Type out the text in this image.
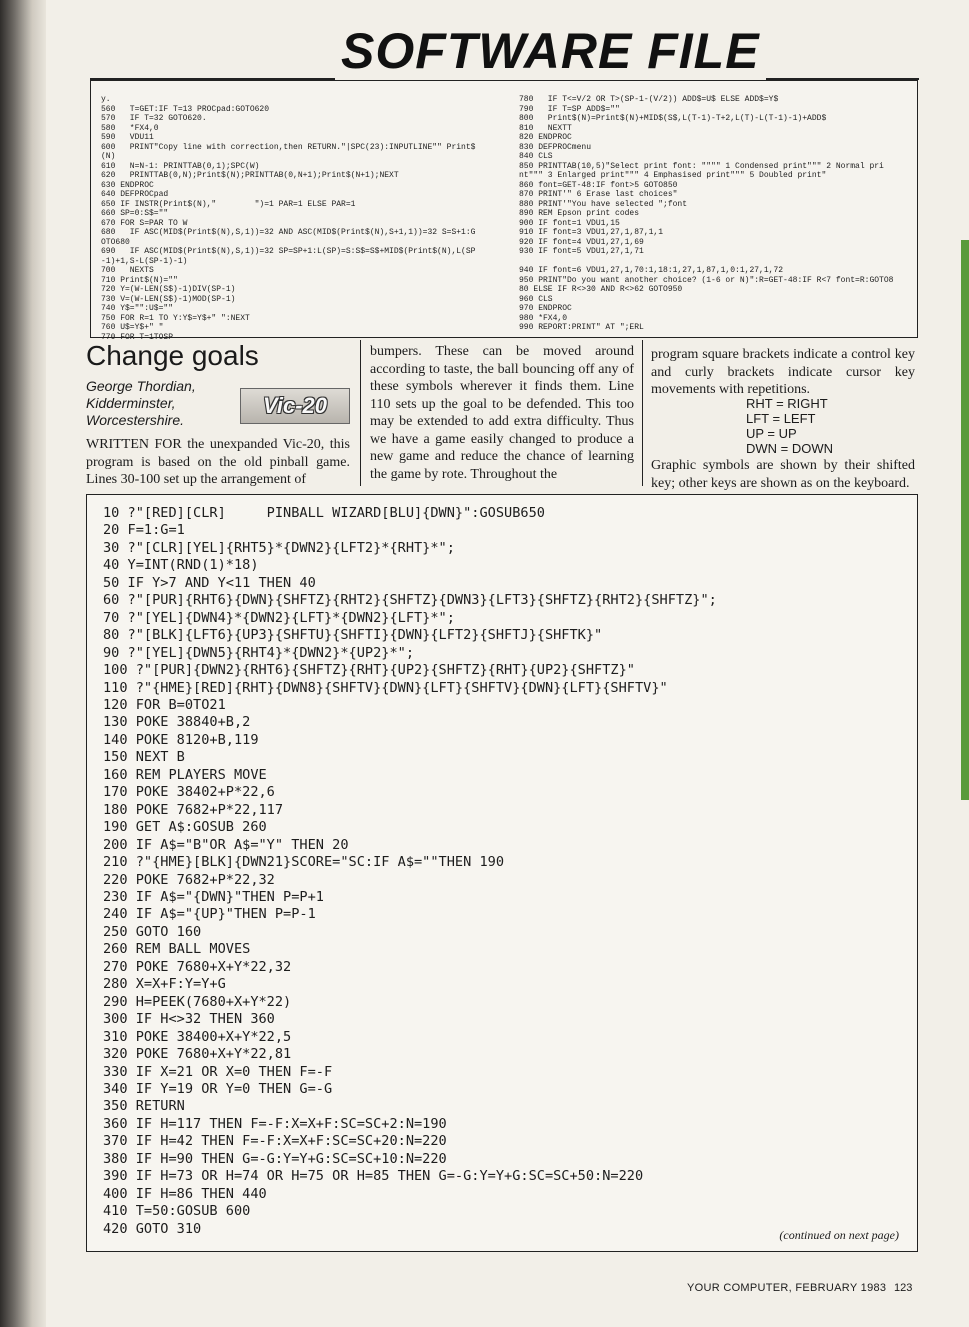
SOFTWARE FILE
y.
560   T=GET:IF T=13 PROCpad:GOTO620
570   IF T=32 GOTO620.
580   *FX4,0
590   VDU11
600   PRINT"Copy line with correction,then RETURN."|SPC(23):INPUTLINE"" Print$
(N)
610   N=N-1: PRINTTAB(0,1);SPC(W)
620   PRINTTAB(0,N);Print$(N);PRINTTAB(0,N+1);Print$(N+1);NEXT
630 ENDPROC
640 DEFPROCpad
650 IF INSTR(Print$(N),"        ")=1 PAR=1 ELSE PAR=1
660 SP=0:S$=""
670 FOR S=PAR TO W
680   IF ASC(MID$(Print$(N),S,1))=32 AND ASC(MID$(Print$(N),S+1,1))=32 S=S+1:G
OTO680
690   IF ASC(MID$(Print$(N),S,1))=32 SP=SP+1:L(SP)=S:S$=S$+MID$(Print$(N),L(SP
-1)+1,S-L(SP-1)-1)
700   NEXTS
710 Print$(N)=""
720 Y=(W-LEN(S$)-1)DIV(SP-1)
730 V=(W-LEN(S$)-1)MOD(SP-1)
740 Y$="":U$=""
750 FOR R=1 TO Y:Y$=Y$+" ":NEXT
760 U$=Y$+" "
770 FOR T=1TOSP
780   IF T<=V/2 OR T>(SP-1-(V/2)) ADD$=U$ ELSE ADD$=Y$
790   IF T=SP ADD$=""
800   Print$(N)=Print$(N)+MID$(S$,L(T-1)-T+2,L(T)-L(T-1)-1)+ADD$
810   NEXTT
820 ENDPROC
830 DEFPROCmenu
840 CLS
850 PRINTTAB(10,5)"Select print font: """" 1 Condensed print""" 2 Normal pri
nt""" 3 Enlarged print""" 4 Emphasised print""" 5 Doubled print"
860 font=GET-48:IF font>5 GOTO850
870 PRINT'" 6 Erase last choices"
880 PRINT'"You have selected ";font
890 REM Epson print codes
900 IF font=1 VDU1,15
910 IF font=3 VDU1,27,1,87,1,1
920 IF font=4 VDU1,27,1,69
930 IF font=5 VDU1,27,1,71

940 IF font=6 VDU1,27,1,70:1,18:1,27,1,87,1,0:1,27,1,72
950 PRINT"Do you want another choice? (1-6 or N)":R=GET-48:IF R<7 font=R:GOTO8
80 ELSE IF R<>30 AND R<>62 GOTO950
960 CLS
970 ENDPROC
980 *FX4,0
990 REPORT:PRINT" AT ";ERL
Change goals
George Thordian,
Kidderminster,
Worcestershire.
Vic-20
WRITTEN FOR the unexpanded Vic-20, this program is based on the old pinball game. Lines 30-100 set up the arrangement of
bumpers. These can be moved around according to taste, the ball bouncing off any of these symbols wherever it finds them. Line 110 sets up the goal to be defended. This too may be extended to add extra difficulty. Thus we have a game easily changed to produce a new game and reduce the chance of learning the game by rote. Throughout the
program square brackets indicate a control key and curly brackets indicate cursor key movements with repetitions.
RHT = RIGHT
LFT = LEFT
UP = UP
DWN = DOWN
Graphic symbols are shown by their shifted key; other keys are shown as on the keyboard.
10 ?"[RED][CLR]     PINBALL WIZARD[BLU]{DWN}":GOSUB650
20 F=1:G=1
30 ?"[CLR][YEL]{RHT5}*{DWN2}{LFT2}*{RHT}*";
40 Y=INT(RND(1)*18)
50 IF Y>7 AND Y<11 THEN 40
60 ?"[PUR]{RHT6}{DWN}{SHFTZ}{RHT2}{SHFTZ}{DWN3}{LFT3}{SHFTZ}{RHT2}{SHFTZ}";
70 ?"[YEL]{DWN4}*{DWN2}{LFT}*{DWN2}{LFT}*";
80 ?"[BLK]{LFT6}{UP3}{SHFTU}{SHFTI}{DWN}{LFT2}{SHFTJ}{SHFTK}"
90 ?"[YEL]{DWN5}{RHT4}*{DWN2}*{UP2}*";
100 ?"[PUR]{DWN2}{RHT6}{SHFTZ}{RHT}{UP2}{SHFTZ}{RHT}{UP2}{SHFTZ}"
110 ?"{HME}[RED]{RHT}{DWN8}{SHFTV}{DWN}{LFT}{SHFTV}{DWN}{LFT}{SHFTV}"
120 FOR B=0TO21
130 POKE 38840+B,2
140 POKE 8120+B,119
150 NEXT B
160 REM PLAYERS MOVE
170 POKE 38402+P*22,6
180 POKE 7682+P*22,117
190 GET A$:GOSUB 260
200 IF A$="B"OR A$="Y" THEN 20
210 ?"{HME}[BLK]{DWN21}SCORE="SC:IF A$=""THEN 190
220 POKE 7682+P*22,32
230 IF A$="{DWN}"THEN P=P+1
240 IF A$="{UP}"THEN P=P-1
250 GOTO 160
260 REM BALL MOVES
270 POKE 7680+X+Y*22,32
280 X=X+F:Y=Y+G
290 H=PEEK(7680+X+Y*22)
300 IF H<>32 THEN 360
310 POKE 38400+X+Y*22,5
320 POKE 7680+X+Y*22,81
330 IF X=21 OR X=0 THEN F=-F
340 IF Y=19 OR Y=0 THEN G=-G
350 RETURN
360 IF H=117 THEN F=-F:X=X+F:SC=SC+2:N=190
370 IF H=42 THEN F=-F:X=X+F:SC=SC+20:N=220
380 IF H=90 THEN G=-G:Y=Y+G:SC=SC+10:N=220
390 IF H=73 OR H=74 OR H=75 OR H=85 THEN G=-G:Y=Y+G:SC=SC+50:N=220
400 IF H=86 THEN 440
410 T=50:GOSUB 600
420 GOTO 310	(continued on next page)
YOUR COMPUTER, FEBRUARY 1983 123
